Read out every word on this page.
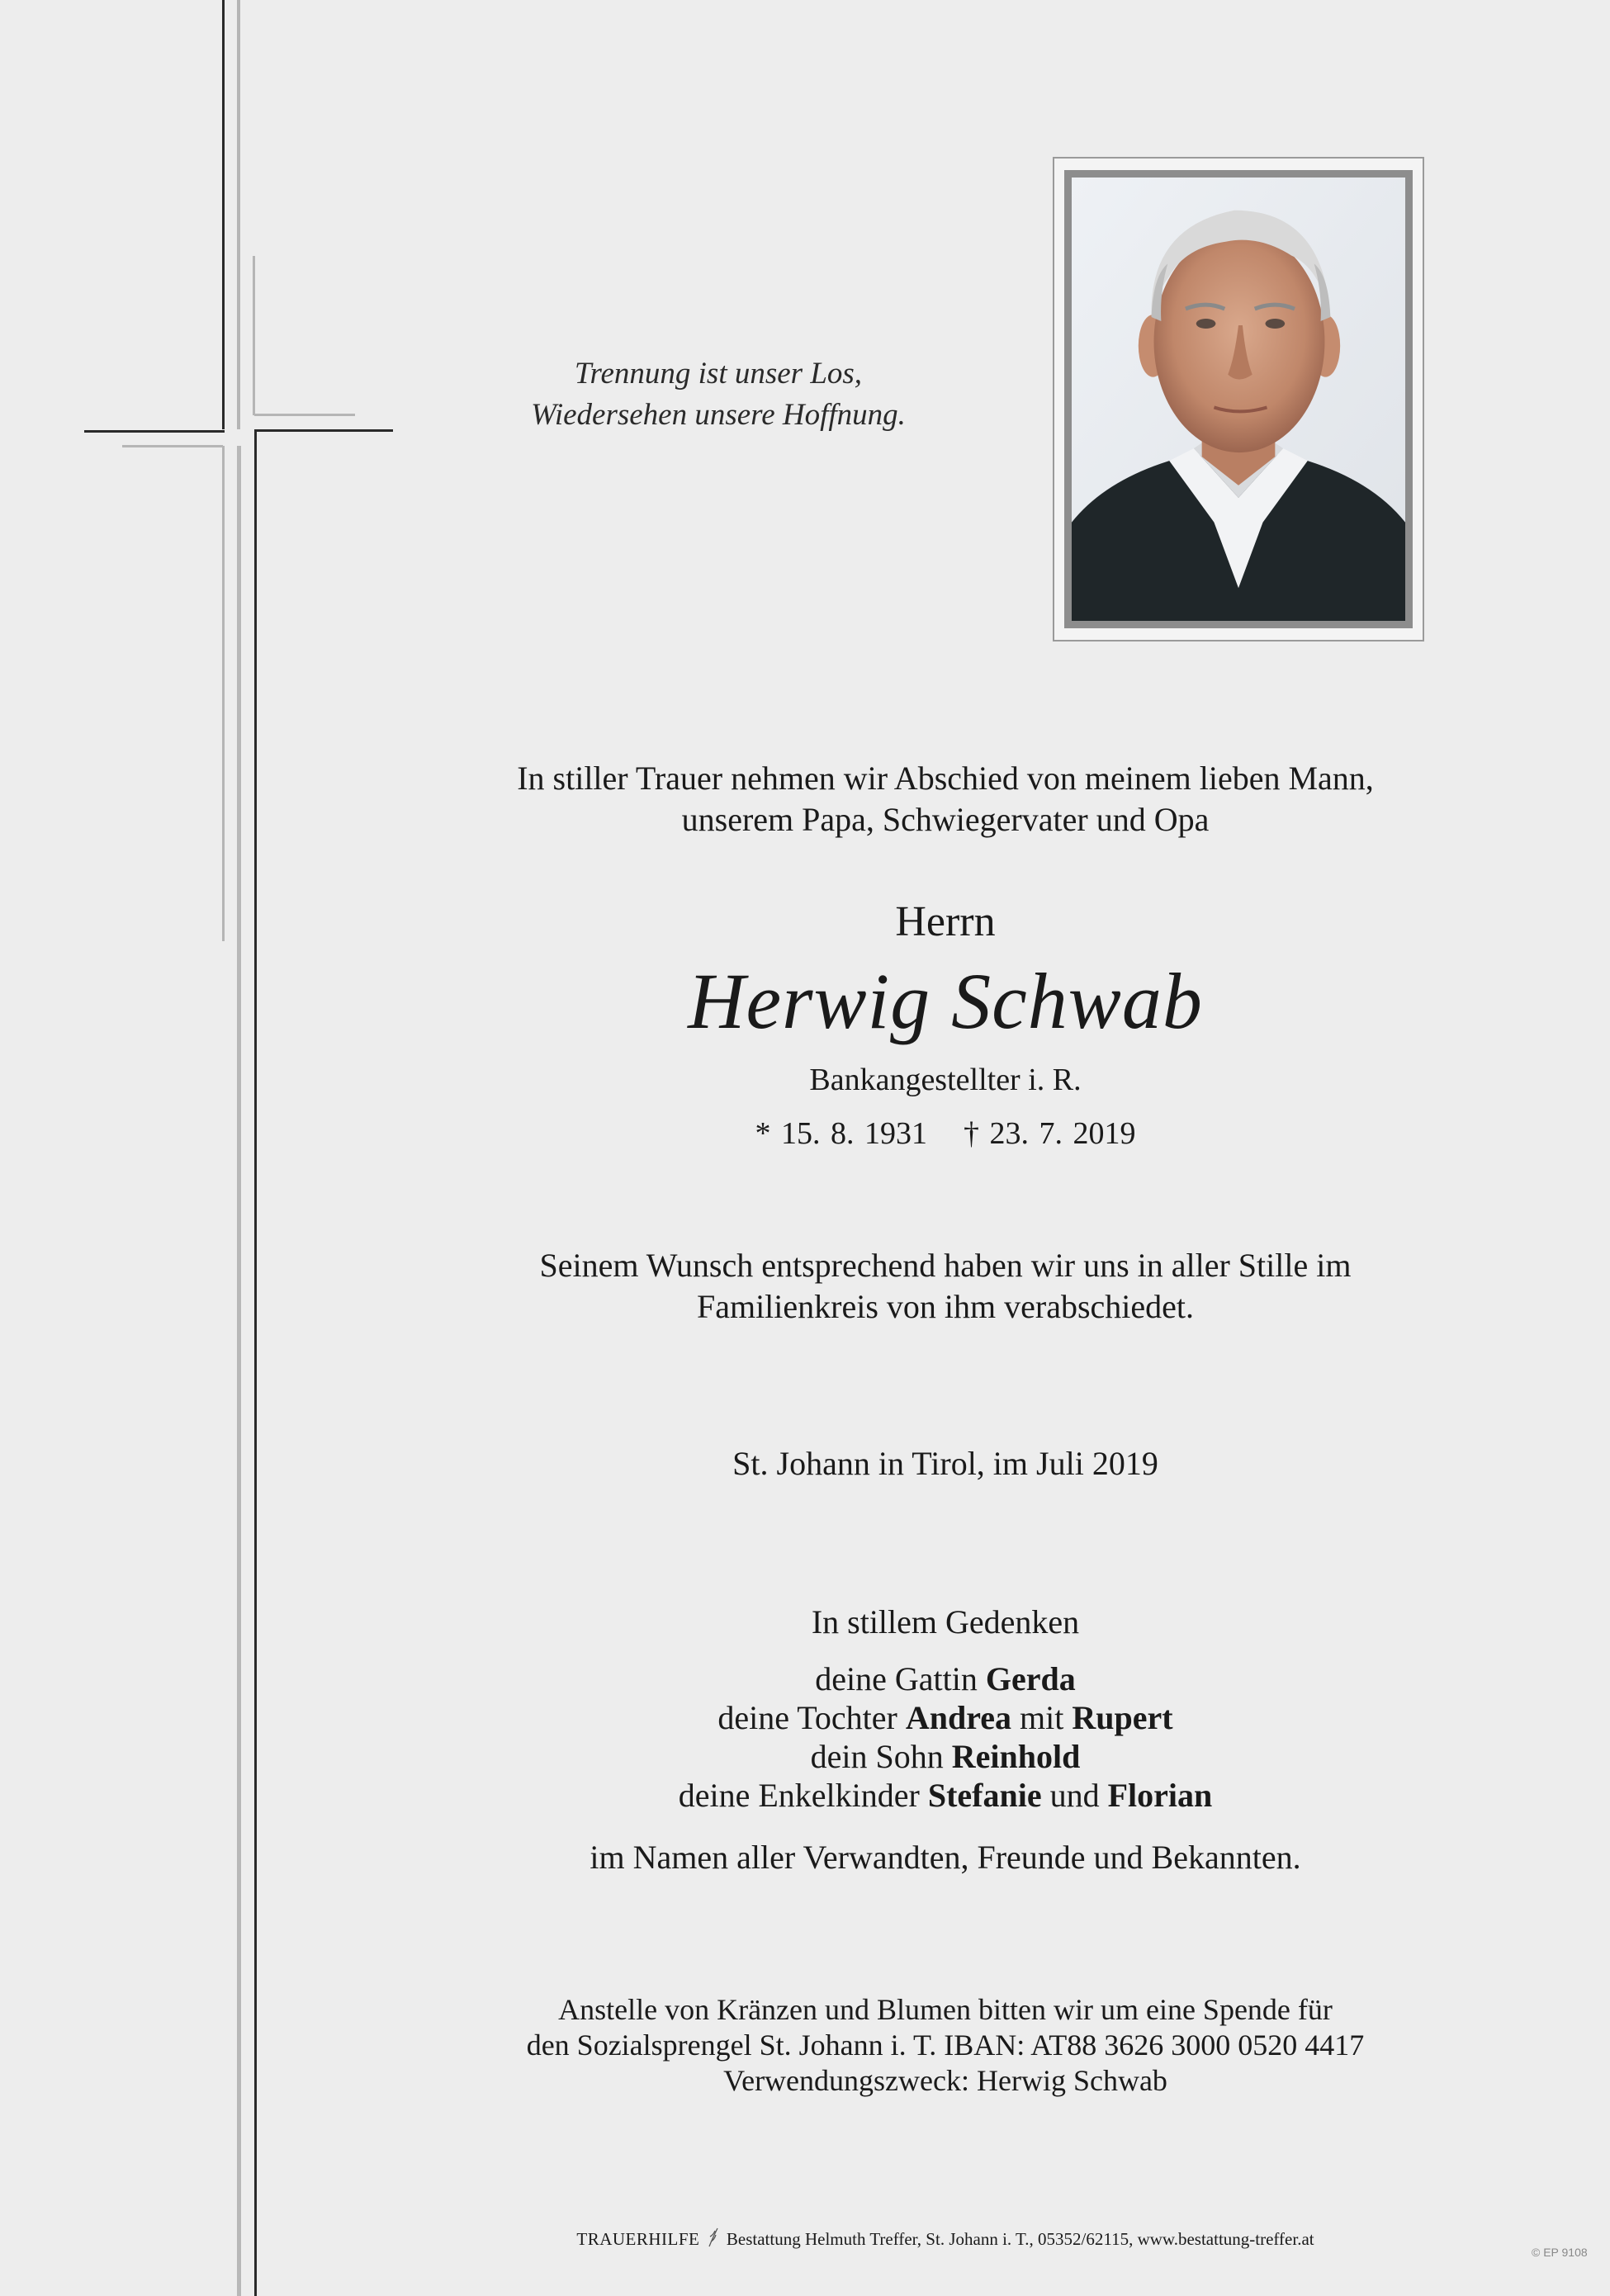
Trennung ist unser Los,
Wiedersehen unsere Hoffnung.
In stiller Trauer nehmen wir Abschied von meinem lieben Mann,
unserem Papa, Schwiegervater und Opa
Herrn
Herwig Schwab
Bankangestellter i. R.
* 15. 8. 1931 † 23. 7. 2019
Seinem Wunsch entsprechend haben wir uns in aller Stille im
Familienkreis von ihm verabschiedet.
St. Johann in Tirol, im Juli 2019
In stillem Gedenken
deine Gattin Gerda
deine Tochter Andrea mit Rupert
dein Sohn Reinhold
deine Enkelkinder Stefanie und Florian
im Namen aller Verwandten, Freunde und Bekannten.
Anstelle von Kränzen und Blumen bitten wir um eine Spende für
den Sozialsprengel St. Johann i. T. IBAN: AT88 3626 3000 0520 4417
Verwendungszweck: Herwig Schwab
TRAUERHILFE Bestattung Helmuth Treffer, St. Johann i. T., 05352/62115, www.bestattung-treffer.at
© EP 9108
